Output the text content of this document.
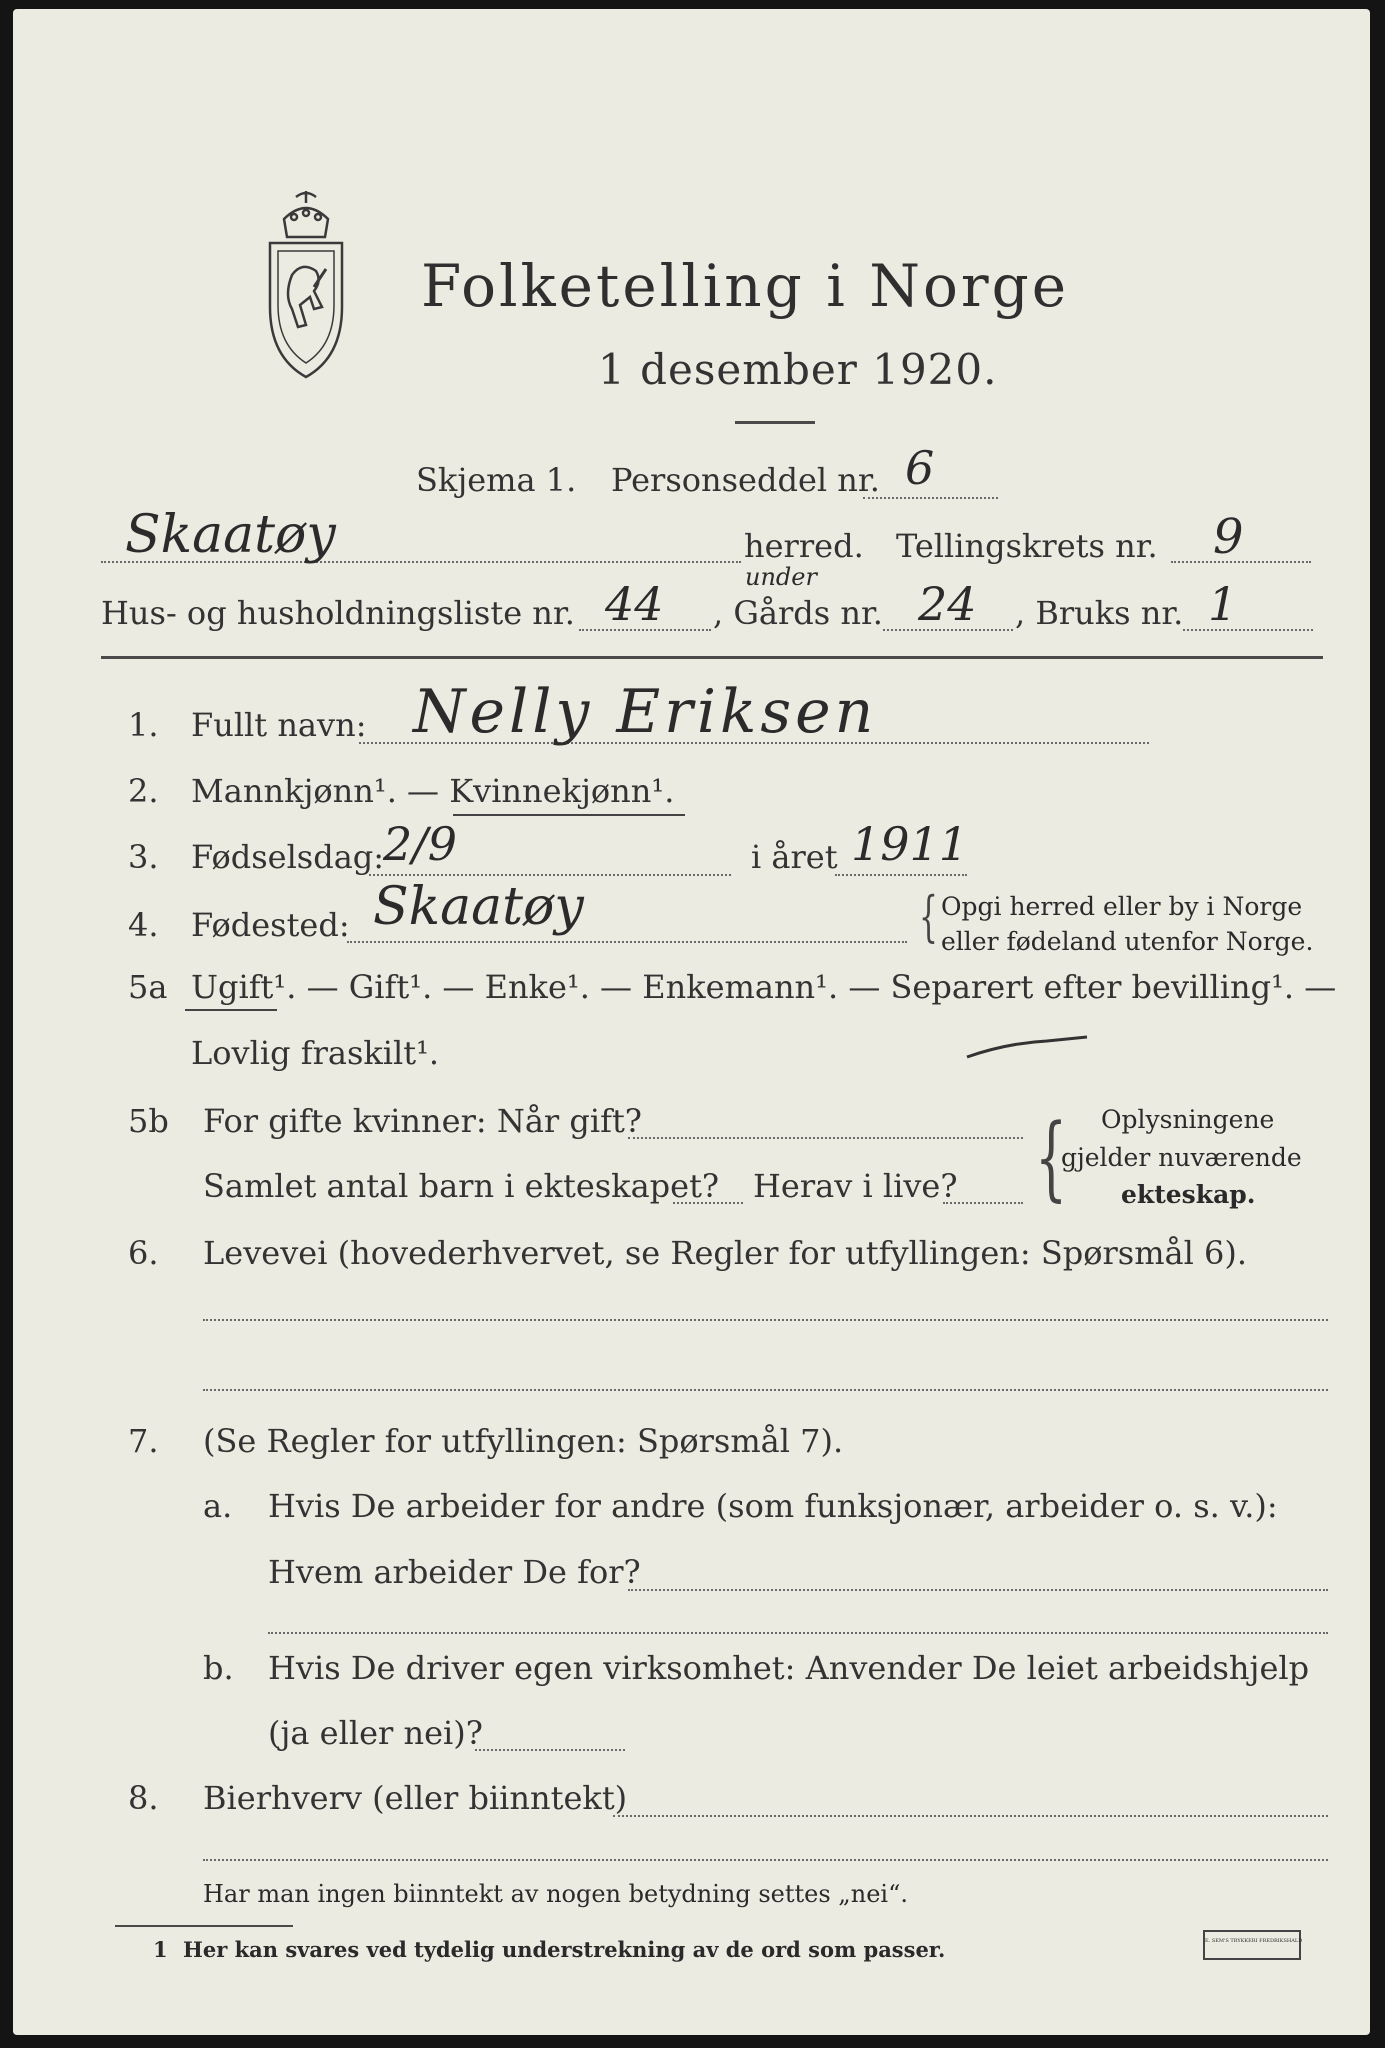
Folketelling i Norge
1 desember 1920.
Skjema 1. Personseddel nr. 6
Skaatøy	herred. Tellingskrets nr. 9
Hus- og husholdningsliste nr. 44 , Gårds nr.
under 24 , Bruks nr. 1
1. Fullt navn: Nelly Eriksen
2. Mannkjønn¹. — Kvinnekjønn¹.
3. Fødselsdag:
2/9	i året 1911
4. Fødested: Skaatøy	{ Opgi herred eller by i Norge
eller fødeland utenfor Norge.
5a Ugift¹. — Gift¹. — Enke¹. — Enkemann¹. — Separert efter bevilling¹. —
Lovlig fraskilt¹.
5b For gifte kvinner: Når gift?
Samlet antal barn i ekteskapet? Herav i live? { Oplysningene
gjelder nuværende
ekteskap.
6. Levevei (hovederhvervet, se Regler for utfyllingen: Spørsmål 6).
7. (Se Regler for utfyllingen: Spørsmål 7).
a. Hvis De arbeider for andre (som funksjonær, arbeider o. s. v.):
Hvem arbeider De for?
b. Hvis De driver egen virksomhet: Anvender De leiet arbeidshjelp
(ja eller nei)?
8. Bierhverv (eller biinntekt)
Har man ingen biinntekt av nogen betydning settes „nei“.
1 Her kan svares ved tydelig understrekning av de ord som passer.	E. SEM'S TRYKKERI FREDRIKSHALD
